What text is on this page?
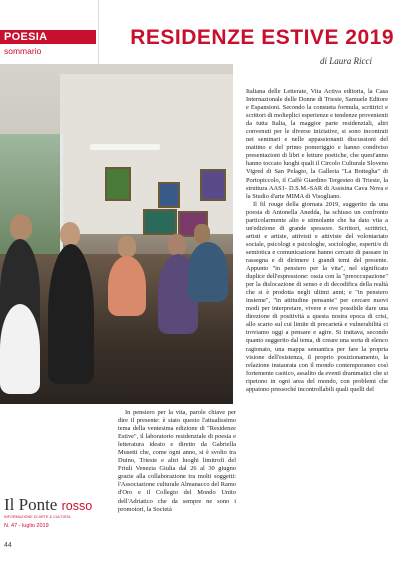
POESIA
sommario
RESIDENZE ESTIVE 2019
di Laura Ricci

In pensiero per la vita, parole chiave per dire il presente: è stato questo l'attualissimo tema della ventesima edizione di "Residenze Estive", il laboratorio residenziale di poesia e letteratura ideato e diretto da Gabriella Musetti che, come ogni anno, si è svolto tra Duino, Trieste e altri luoghi limitrofi del Friuli Venezia Giulia dal 26 al 30 giugno grazie alla collaborazione tra molti soggetti: l'Associazione culturale Almanacco del Ramo d'Oro e il Collegio del Mondo Unito dell'Adriatico che da sempre ne sono i promotori, la Società

Italiana delle Letterate, Vita Activa editoria, la Casa Internazionale delle Donne di Trieste, Samuele Editore e Espansioni. Secondo la consueta formula, scrittrici e scrittori di molteplici esperienze e tendenze provenienti da tutta Italia, la maggior parte residenziali, altri convenuti per le diverse iniziative, si sono incontrati nei seminari e nelle appassionanti discussioni del mattino e del primo pomeriggio e hanno condiviso presentazioni di libri e letture poetiche, che quest'anno hanno toccato luoghi quali il Circolo Culturale Sloveno Vigred di San Pelagio, la Galleria "La Bottegha" di Portopiccolo, il Caffè Giardino Tergesteo di Trieste, la struttura AAS1- D.S.M.-SAR di Assisina Cava Nova e la Studio d'arte MIMA di Visogliano.

Il fil rouge della giornata 2019, suggerito da una poesia di Antonella Anedda, ha schiuso un confronto particolarmente alto e stimolante che ha dato vita a un'edizione di grande spessore. Scrittori, scrittrici, artisti e artiste, attivisti e attiviste del volontariato sociale, psicologi e psicologhe, sociologhe, esperti/e di semiotica e comunicazione hanno cercato di passare in rassegna e di dirimere i grandi temi del presente. Appunto "in pensiero per la vita", nel significato duplice dell'espressione: ossia con la "preoccupazione" per la dislocazione di senso e di decodifica della realtà che si è prodotta negli ultimi anni; e "in pensiero insieme", "in attitudine pensante" per cercare nuovi modi per interpretare, vivere e ove possibile dare una direzione di positività a questa nostra epoca di crisi, allo scarto sul cui limite di precarietà e vulnerabilità ci troviamo oggi a pensare e agire. Si trattava, secondo quanto suggerito dal tema, di creare una sorta di elenco ragionato, una mappa semantica per fare la propria visione dell'esistenza, il proprio posizionamento, la relazione instaurata con il mondo contemporaneo così fortemente caotico, assalito da eventi drammatici che si ripetono in ogni area del mondo, con problemi che appaiono pressoché incontrollabili quali quelli del

Il Ponte rosso
INFORMAZIONE DI ARTE & CULTURA
N. 47 - luglio 2019
44
